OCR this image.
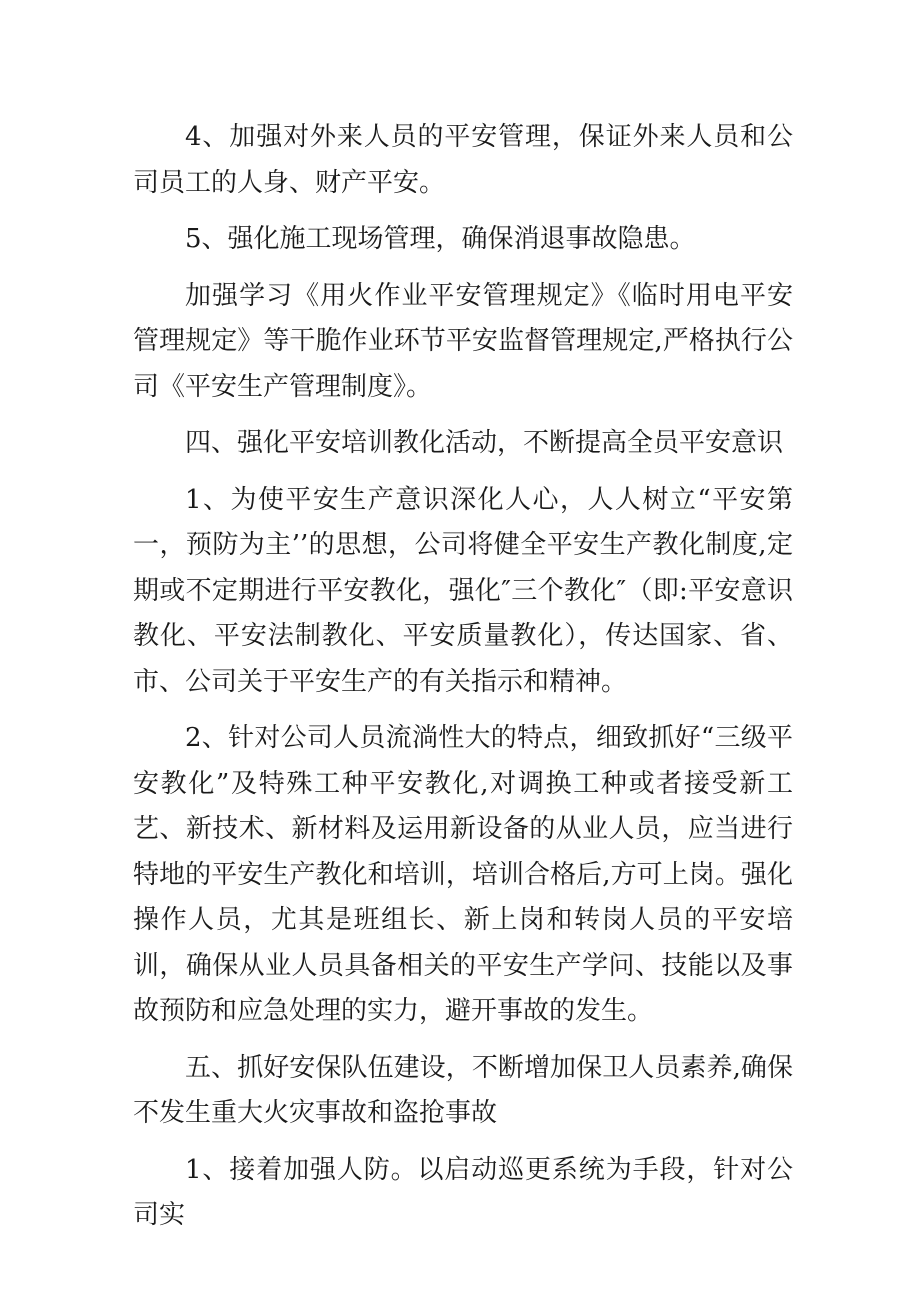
4、加强对外来人员的平安管理，保证外来人员和公司员工的人身、财产平安。

5、强化施工现场管理，确保消退事故隐患。

加强学习《用火作业平安管理规定》《临时用电平安管理规定》等干脆作业环节平安监督管理规定,严格执行公司《平安生产管理制度》。

四、强化平安培训教化活动，不断提高全员平安意识

1、为使平安生产意识深化人心，人人树立“平安第一，预防为主’’的思想，公司将健全平安生产教化制度,定期或不定期进行平安教化，强化″三个教化″（即:平安意识教化、平安法制教化、平安质量教化），传达国家、省、市、公司关于平安生产的有关指示和精神。

2、针对公司人员流淌性大的特点，细致抓好“三级平安教化”及特殊工种平安教化,对调换工种或者接受新工艺、新技术、新材料及运用新设备的从业人员，应当进行特地的平安生产教化和培训，培训合格后,方可上岗。强化操作人员，尤其是班组长、新上岗和转岗人员的平安培训，确保从业人员具备相关的平安生产学问、技能以及事故预防和应急处理的实力，避开事故的发生。

五、抓好安保队伍建设，不断增加保卫人员素养,确保不发生重大火灾事故和盗抢事故

1、接着加强人防。以启动巡更系统为手段，针对公司实
